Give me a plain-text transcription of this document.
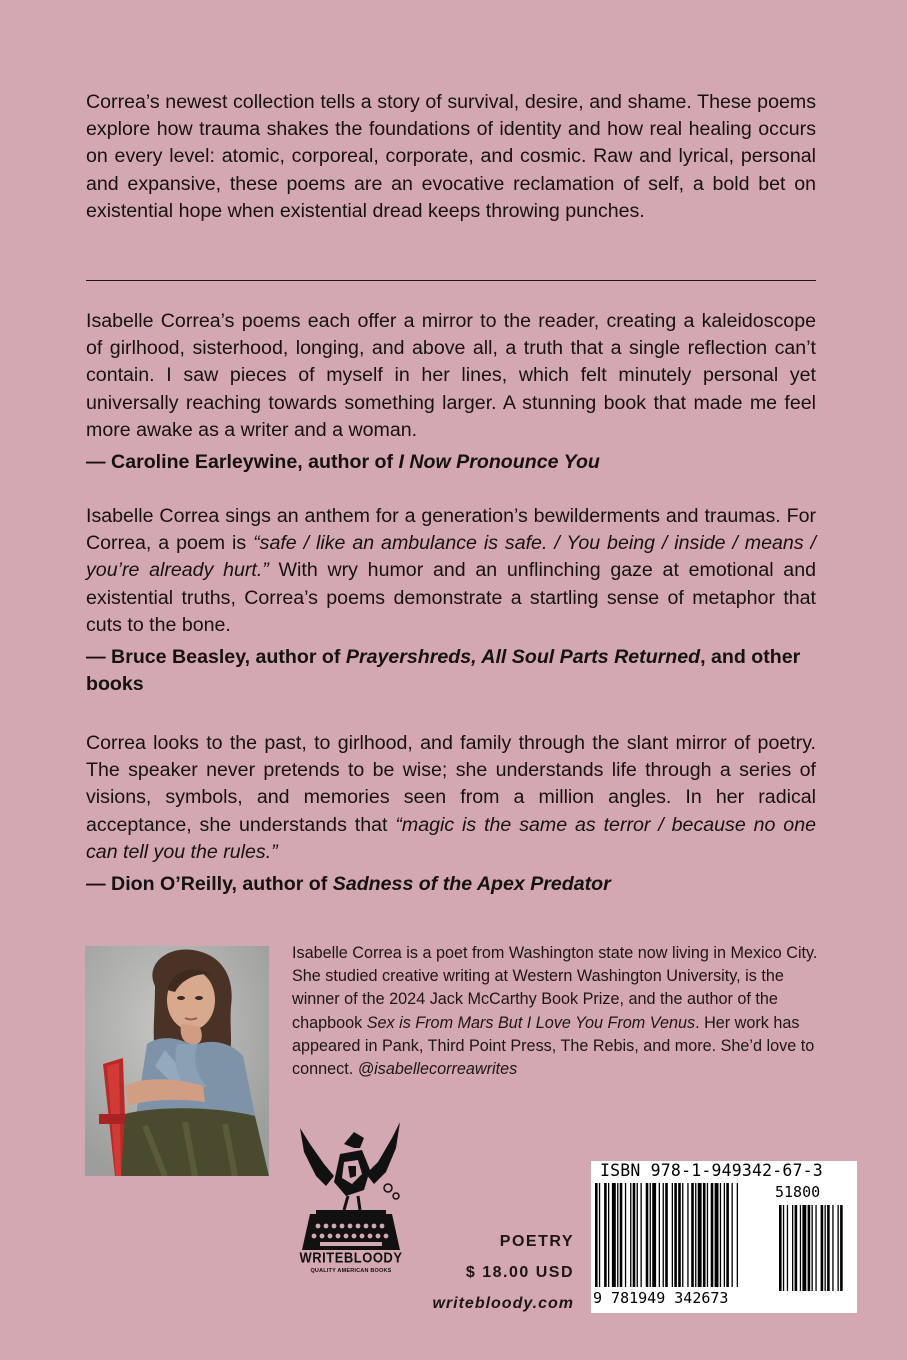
Correa’s newest collection tells a story of survival, desire, and shame. These poems explore how trauma shakes the foundations of identity and how real healing occurs on every level: atomic, corporeal, corporate, and cosmic. Raw and lyrical, personal and expansive, these poems are an evocative reclamation of self, a bold bet on existential hope when existential dread keeps throwing punches.

Isabelle Correa’s poems each offer a mirror to the reader, creating a kaleidoscope of girlhood, sisterhood, longing, and above all, a truth that a single reflection can’t contain. I saw pieces of myself in her lines, which felt minutely personal yet universally reaching towards something larger. A stunning book that made me feel more awake as a writer and a woman.

— Caroline Earleywine, author of I Now Pronounce You

Isabelle Correa sings an anthem for a generation’s bewilderments and traumas. For Correa, a poem is “safe / like an ambulance is safe. / You being / inside / means / you’re already hurt.” With wry humor and an unflinching gaze at emotional and existential truths, Correa’s poems demonstrate a startling sense of metaphor that cuts to the bone.

— Bruce Beasley, author of Prayershreds, All Soul Parts Returned, and other books

Correa looks to the past, to girlhood, and family through the slant mirror of poetry. The speaker never pretends to be wise; she understands life through a series of visions, symbols, and memories seen from a million angles. In her radical acceptance, she understands that “magic is the same as terror / because no one can tell you the rules.”

— Dion O’Reilly, author of Sadness of the Apex Predator

Isabelle Correa is a poet from Washington state now living in Mexico City. She studied creative writing at Western Washington University, is the winner of the 2024 Jack McCarthy Book Prize, and the author of the chapbook Sex is From Mars But I Love You From Venus. Her work has appeared in Pank, Third Point Press, The Rebis, and more. She’d love to connect. @isabellecorreawrites

WRITEBLOODY
QUALITY AMERICAN BOOKS
POETRY
$ 18.00 USD
writebloody.com
ISBN 978-1-949342-67-3
51800
9 781949 342673
